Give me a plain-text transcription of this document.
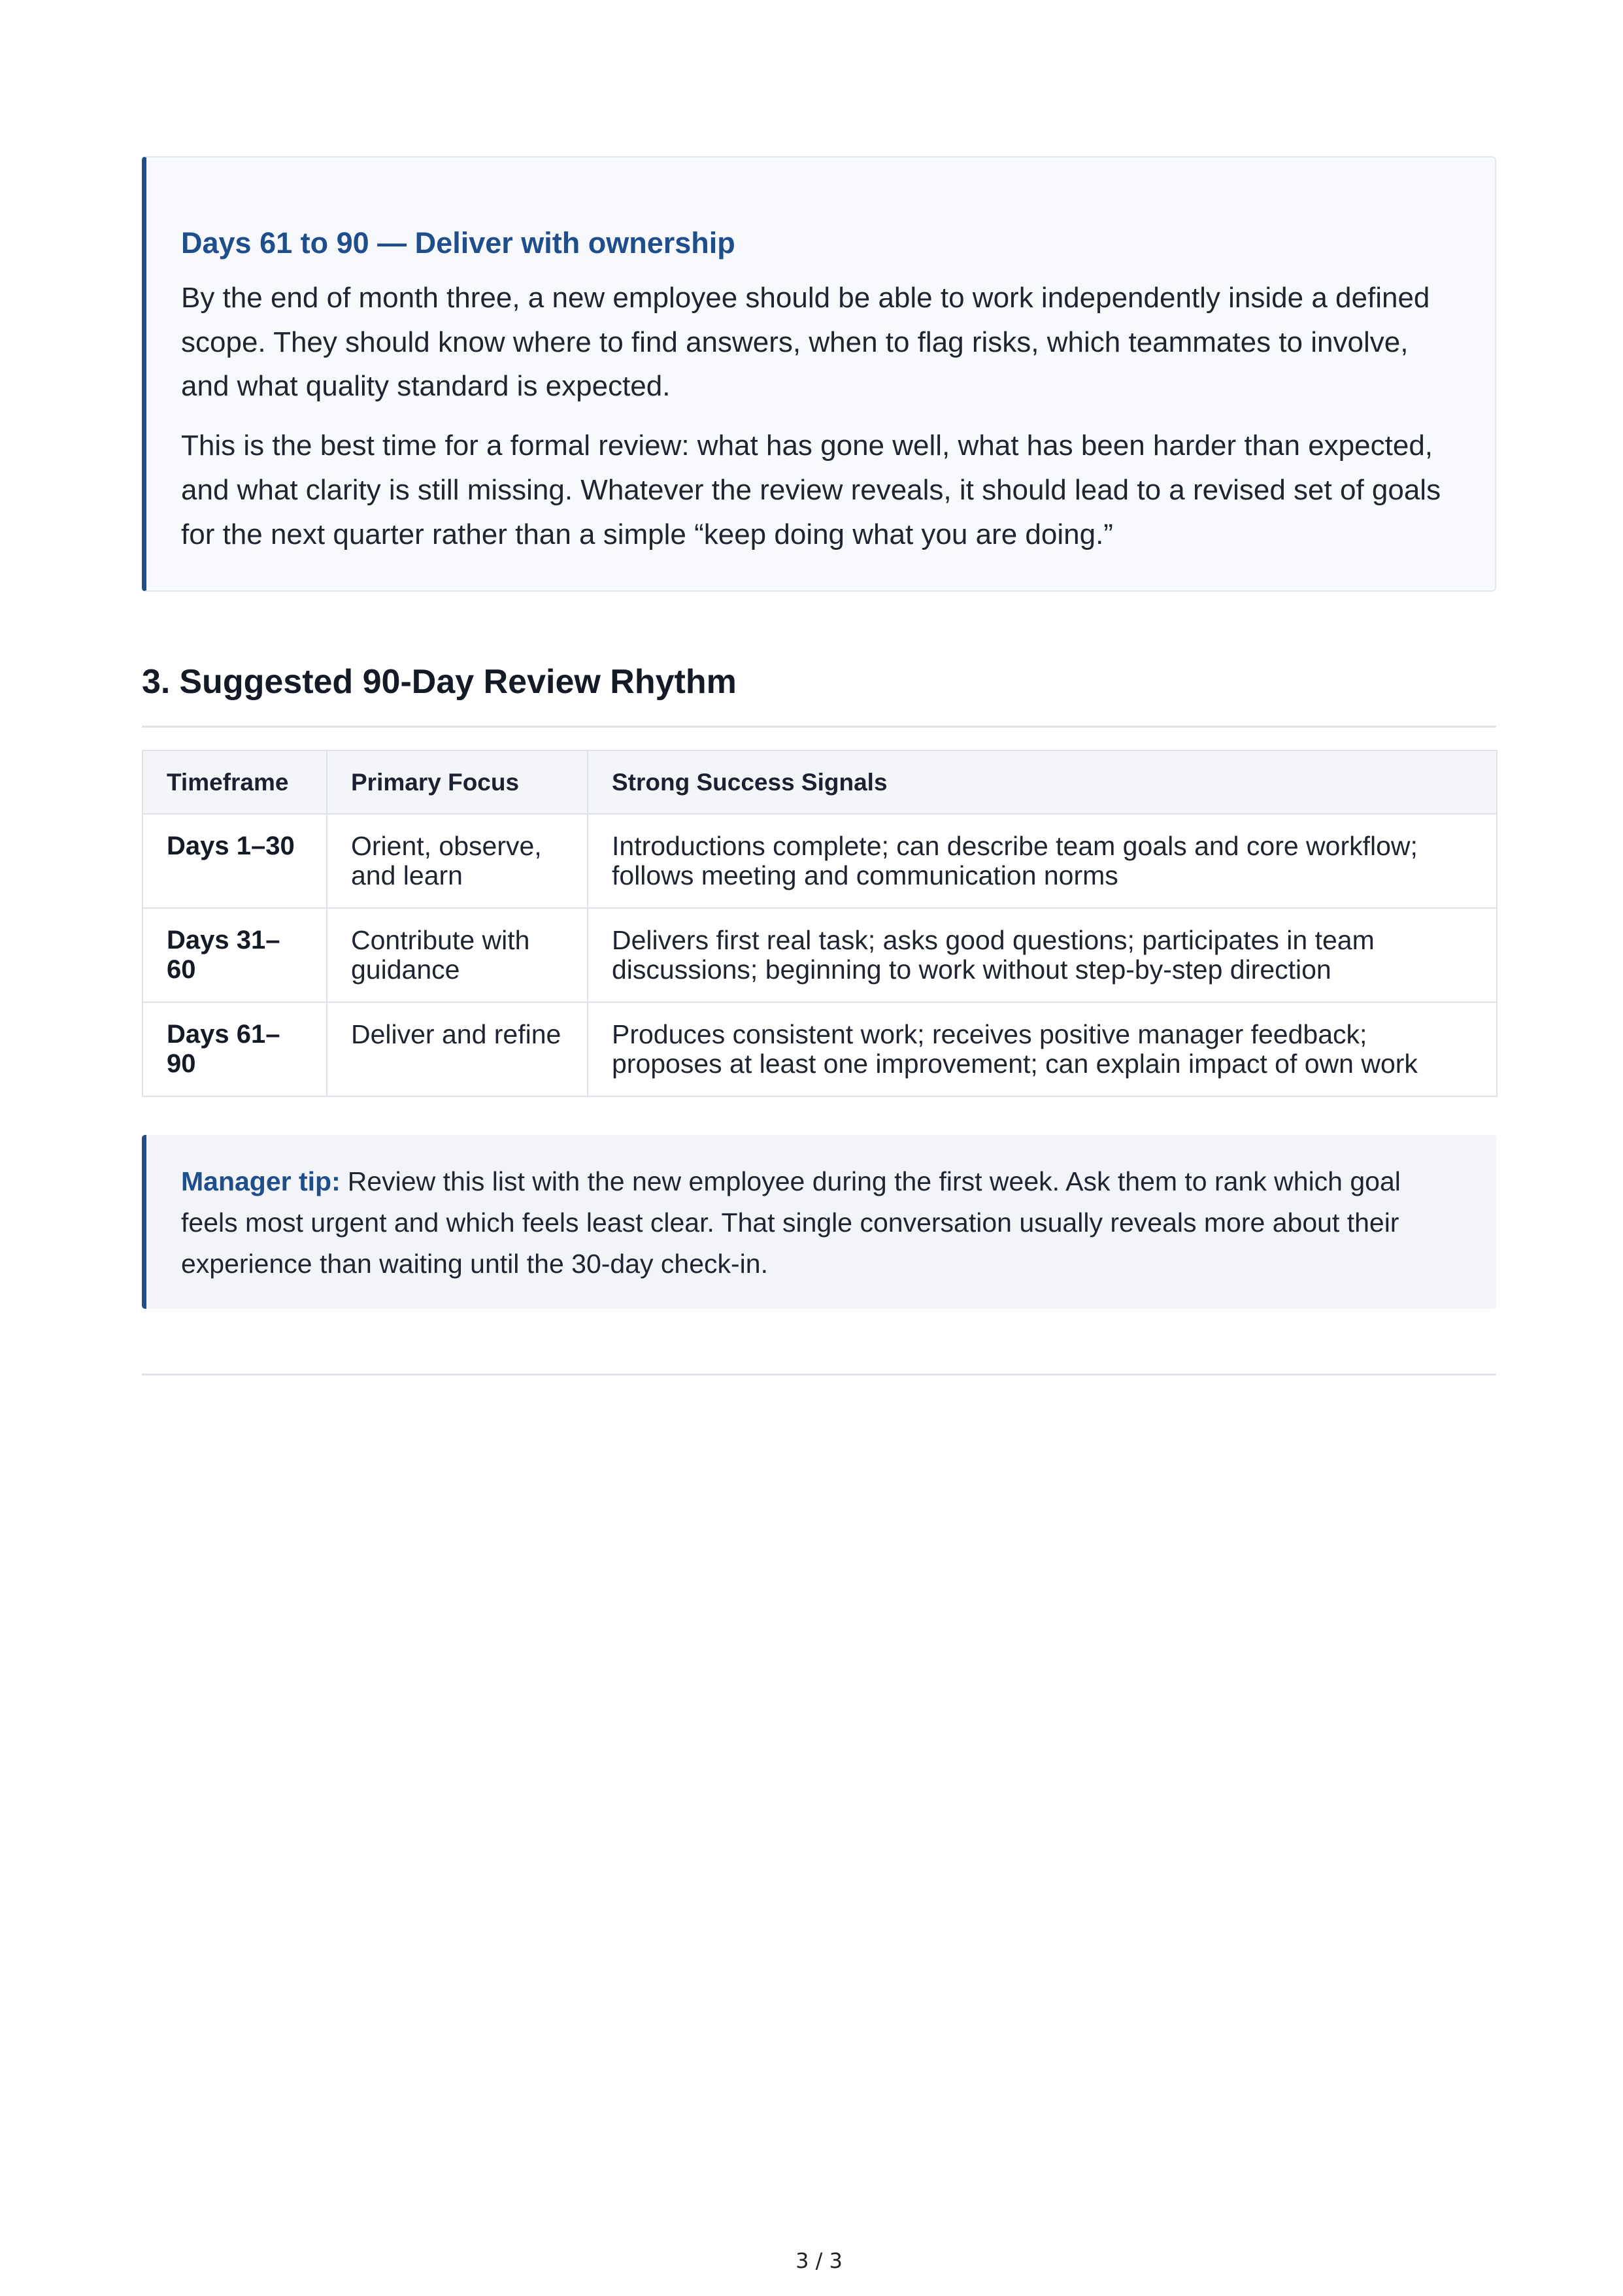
Days 61 to 90 — Deliver with ownership

By the end of month three, a new employee should be able to work independently inside a defined
scope. They should know where to find answers, when to flag risks, which teammates to involve,
and what quality standard is expected.

This is the best time for a formal review: what has gone well, what has been harder than expected,
and what clarity is still missing. Whatever the review reveals, it should lead to a revised set of goals
for the next quarter rather than a simple “keep doing what you are doing.”

3. Suggested 90-Day Review Rhythm
Timeframe	Primary Focus	Strong Success Signals

Days 1–30	Orient, observe,
and learn	Introductions complete; can describe team goals and core workflow;
follows meeting and communication norms

Days 31–
60	Contribute with
guidance	Delivers first real task; asks good questions; participates in team
discussions; beginning to work without step-by-step direction

Days 61–
90	Deliver and refine	Produces consistent work; receives positive manager feedback;
proposes at least one improvement; can explain impact of own work
Manager tip: Review this list with the new employee during the first week. Ask them to rank which goal
feels most urgent and which feels least clear. That single conversation usually reveals more about their
experience than waiting until the 30-day check-in.
3 / 3
